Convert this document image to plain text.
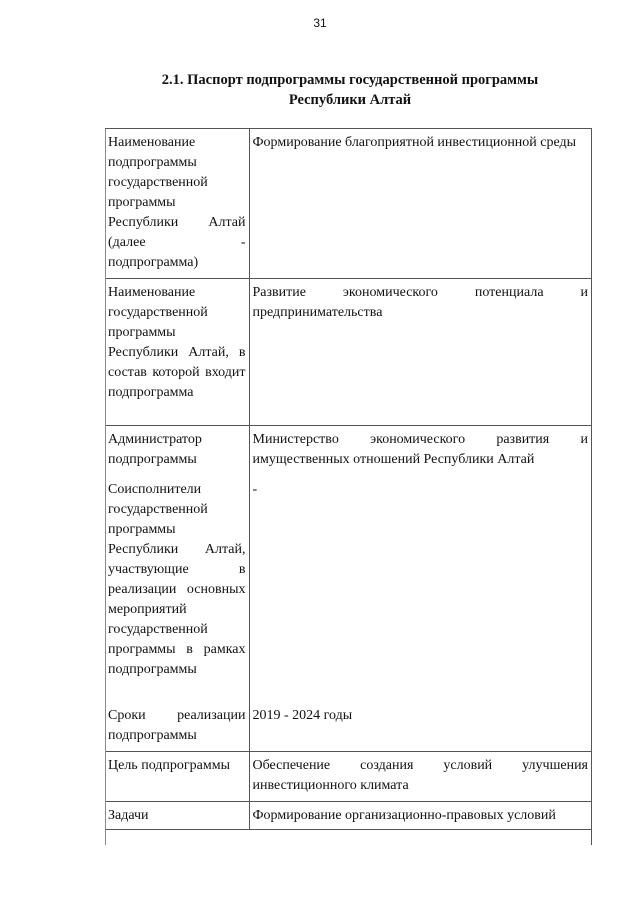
31
2.1. Паспорт подпрограммы государственной программы
Республики Алтай
Наименование подпрограммы государственной программы Республики Алтай (далее - подпрограмма)	Формирование благоприятной инвестиционной среды
Наименование государственной программы Республики Алтай, в состав которой входит подпрограмма	Развитие экономического потенциала и предпринимательства
Администратор подпрограммы	Министерство экономического развития и имущественных отношений Республики Алтай
Соисполнители государственной программы Республики Алтай, участвующие в реализации основных мероприятий государственной программы в рамках подпрограммы	-
Сроки реализации подпрограммы	2019 - 2024 годы
Цель подпрограммы	Обеспечение создания условий улучшения инвестиционного климата
Задачи	Формирование организационно-правовых условий
